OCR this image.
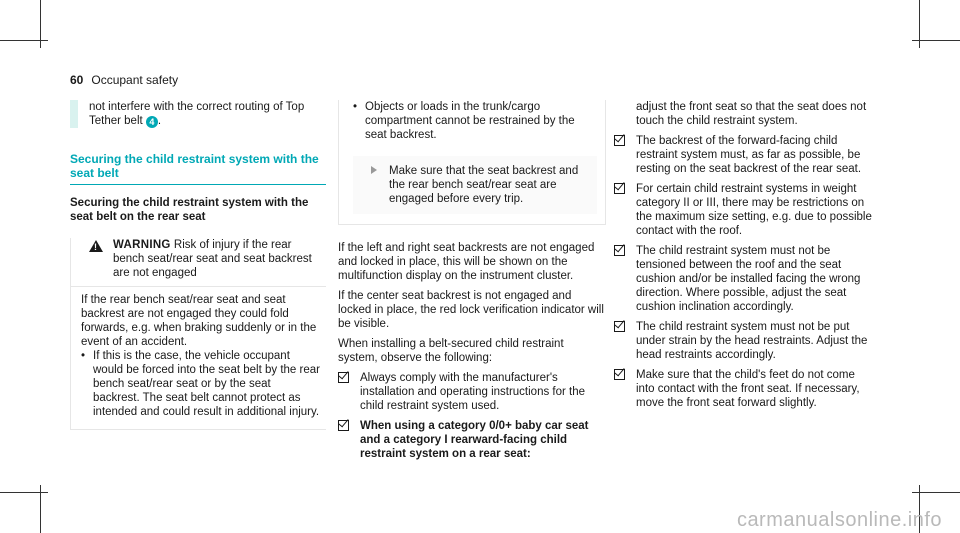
60 Occupant safety
not interfere with the correct routing of Top Tether belt 4 .
Securing the child restraint system with the seat belt
Securing the child restraint system with the seat belt on the rear seat
!
WARNING Risk of injury if the rear bench seat/rear seat and seat backrest are not engaged
If the rear bench seat/rear seat and seat backrest are not engaged they could fold forwards, e.g. when braking suddenly or in the event of an accident.
• If this is the case, the vehicle occupant would be forced into the seat belt by the rear bench seat/rear seat or by the seat backrest. The seat belt cannot protect as intended and could result in additional injury.
• Objects or loads in the trunk/cargo compartment cannot be restrained by the seat backrest.
Make sure that the seat backrest and the rear bench seat/rear seat are engaged before every trip.
If the left and right seat backrests are not engaged and locked in place, this will be shown on the multifunction display on the instrument cluster.
If the center seat backrest is not engaged and locked in place, the red lock verification indicator will be visible.
When installing a belt-secured child restraint system, observe the following:
Always comply with the manufacturer's installation and operating instructions for the child restraint system used.
When using a category 0/0+ baby car seat and a category I rearward-facing child restraint system on a rear seat:
adjust the front seat so that the seat does not touch the child restraint system.
The backrest of the forward-facing child restraint system must, as far as possible, be resting on the seat backrest of the rear seat.
For certain child restraint systems in weight category II or III, there may be restrictions on the maximum size setting, e.g. due to possible contact with the roof.
The child restraint system must not be tensioned between the roof and the seat cushion and/or be installed facing the wrong direction. Where possible, adjust the seat cushion inclination accordingly.
The child restraint system must not be put under strain by the head restraints. Adjust the head restraints accordingly.
Make sure that the child's feet do not come into contact with the front seat. If necessary, move the front seat forward slightly.
carmanualsonline.info
